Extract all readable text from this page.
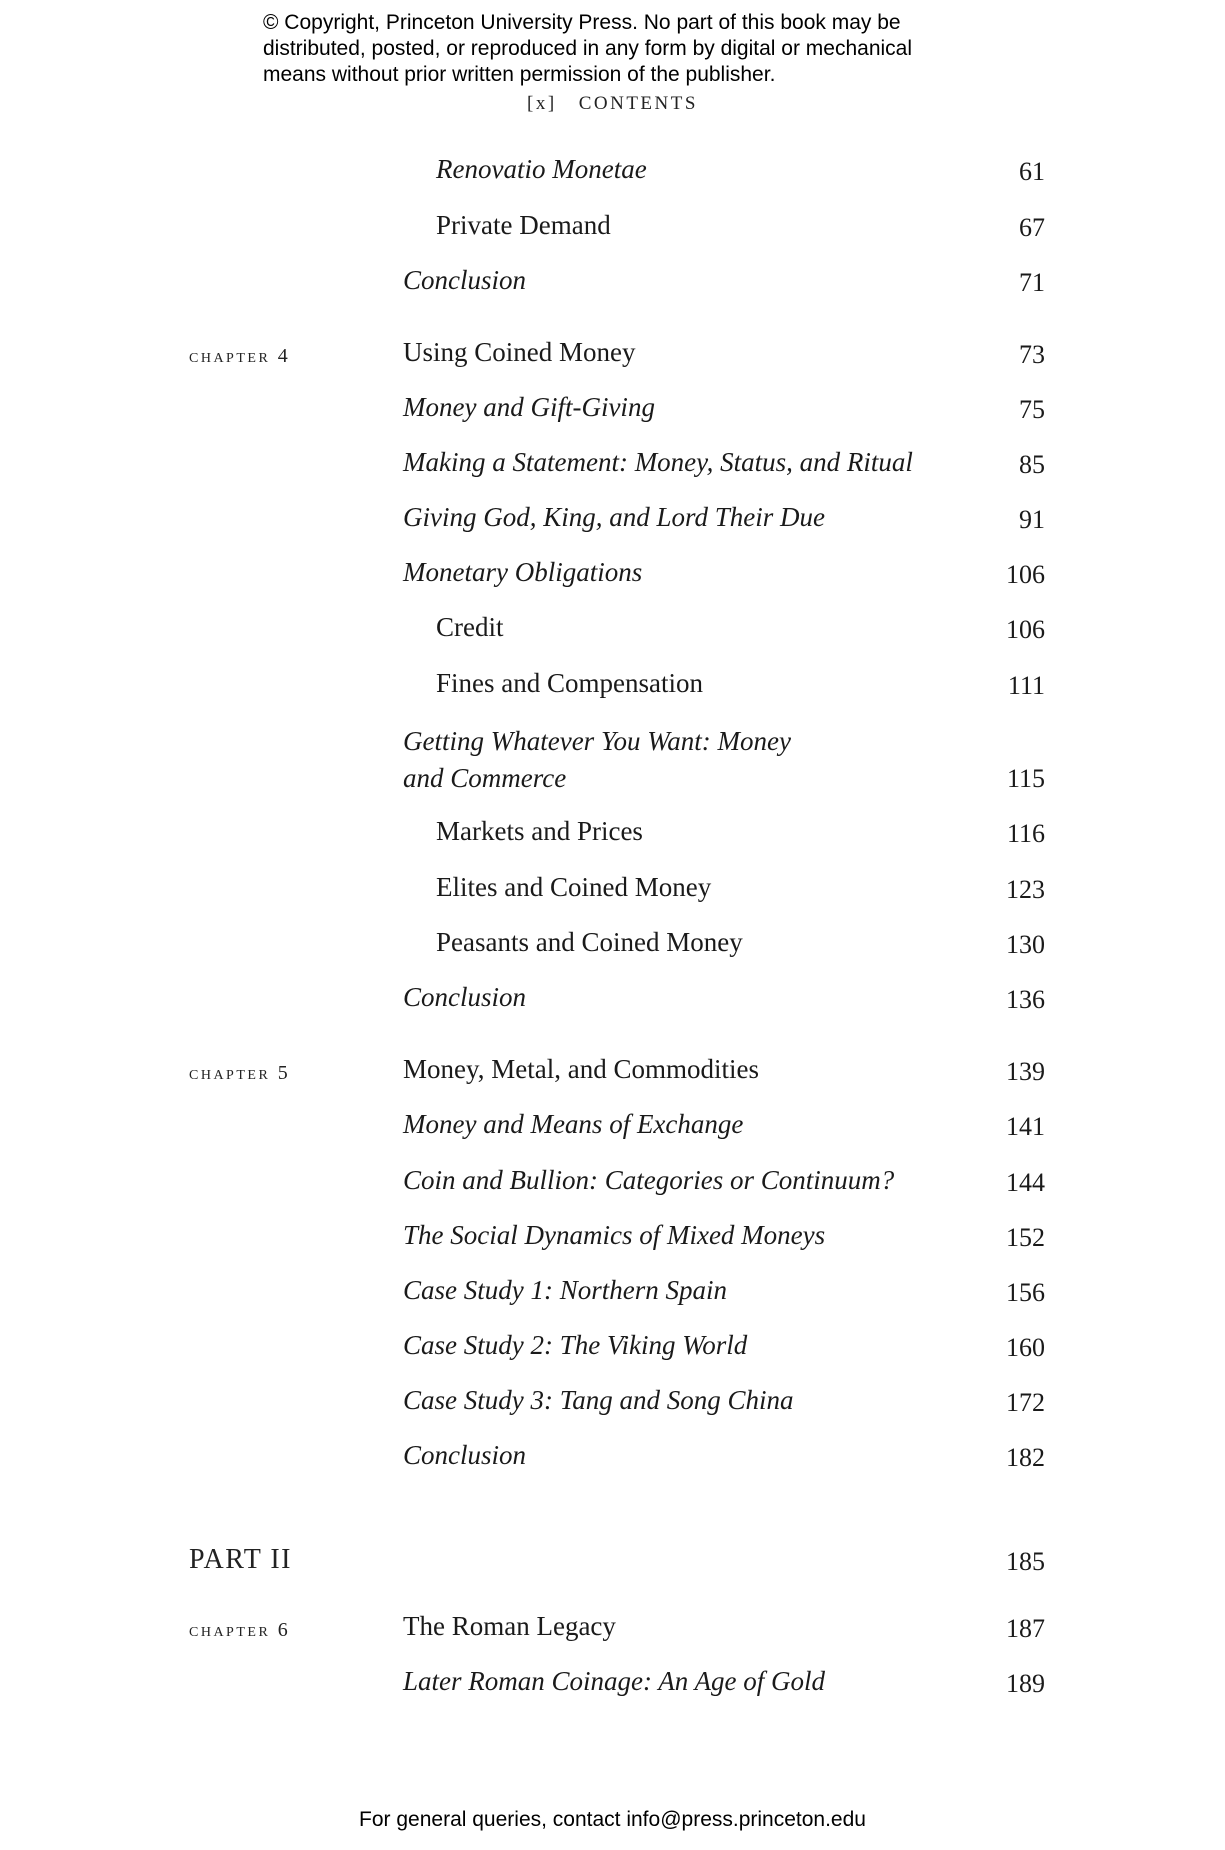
© Copyright, Princeton University Press. No part of this book may be
distributed, posted, or reproduced in any form by digital or mechanical
means without prior written permission of the publisher.
[x] CONTENTS
Renovatio Monetae	61
Private Demand	67
Conclusion	71
chapter 4	Using Coined Money	73
Money and Gift-Giving	75
Making a Statement: Money, Status, and Ritual	85
Giving God, King, and Lord Their Due	91
Monetary Obligations	106
Credit	106
Fines and Compensation	111
Getting Whatever You Want: Money
and Commerce	115
Markets and Prices	116
Elites and Coined Money	123
Peasants and Coined Money	130
Conclusion	136
chapter 5	Money, Metal, and Commodities	139
Money and Means of Exchange	141
Coin and Bullion: Categories or Continuum?	144
The Social Dynamics of Mixed Moneys	152
Case Study 1: Northern Spain	156
Case Study 2: The Viking World	160
Case Study 3: Tang and Song China	172
Conclusion	182
PART II	185
chapter 6	The Roman Legacy	187
Later Roman Coinage: An Age of Gold	189
For general queries, contact info@press.princeton.edu
